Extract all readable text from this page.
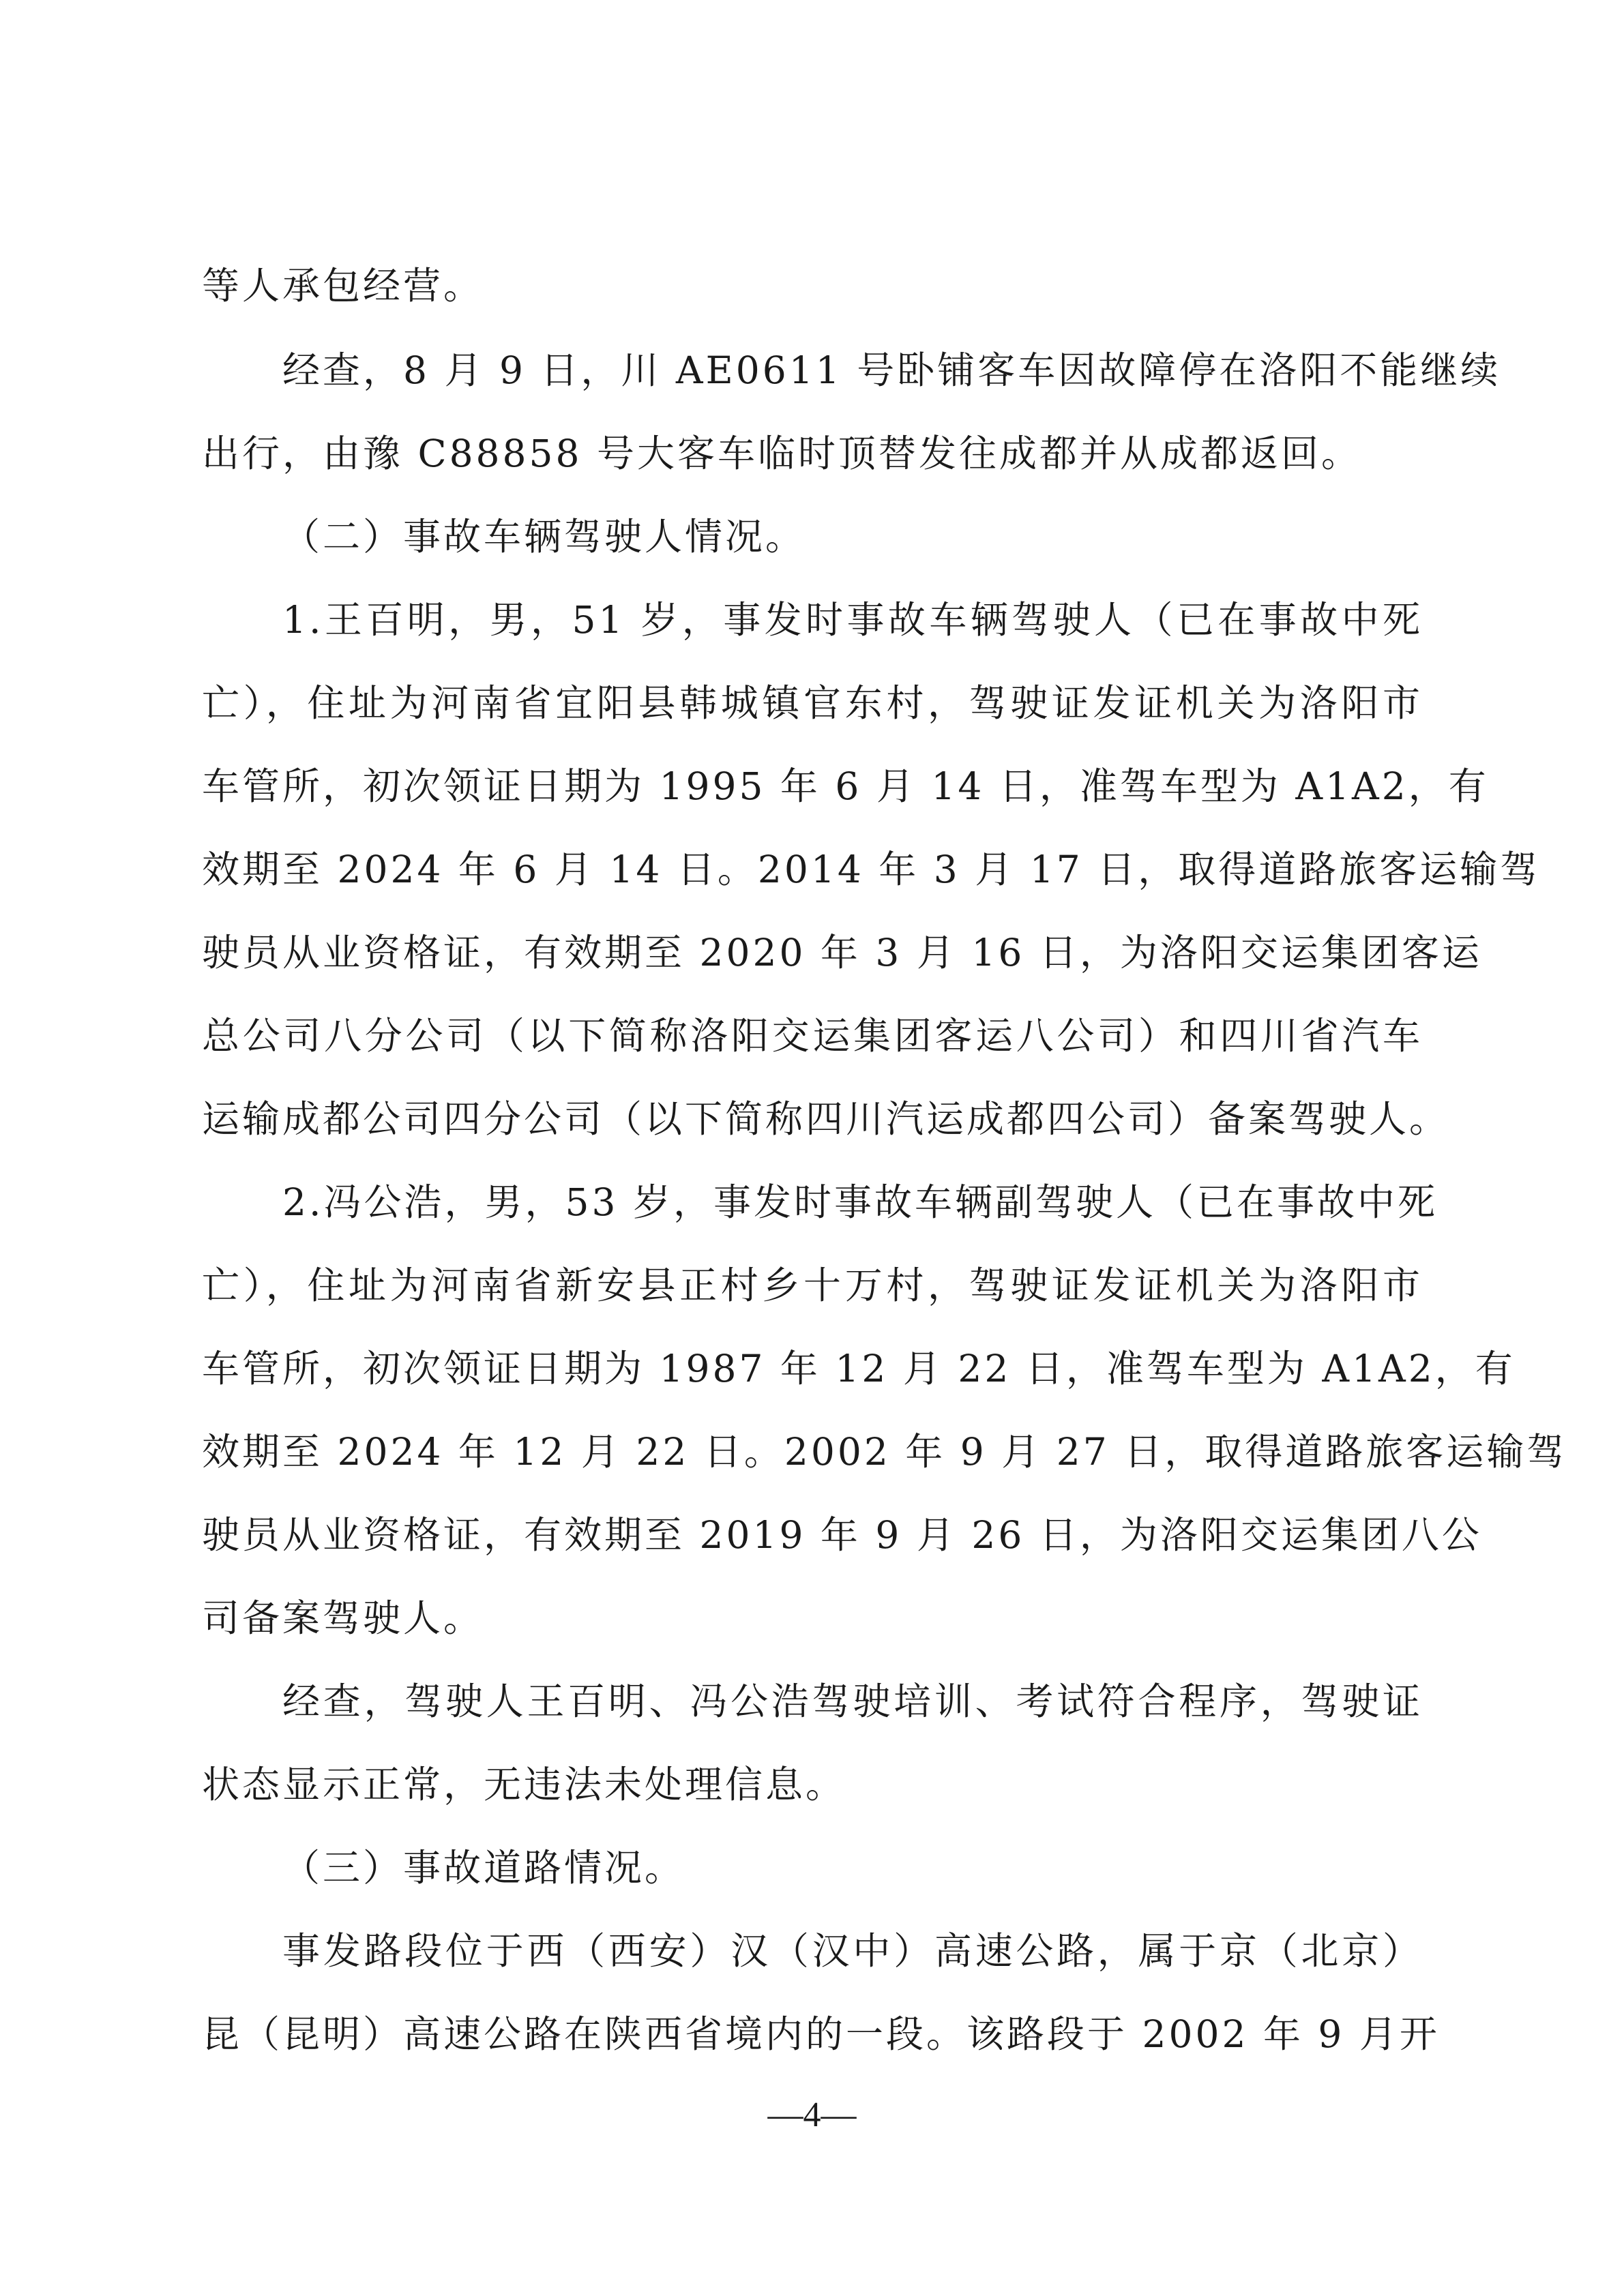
等人承包经营。
经查，8 月 9 日，川 AE0611 号卧铺客车因故障停在洛阳不能继续
出行，由豫 C88858 号大客车临时顶替发往成都并从成都返回。
（二）事故车辆驾驶人情况。
1.王百明，男，51 岁，事发时事故车辆驾驶人（已在事故中死
亡），住址为河南省宜阳县韩城镇官东村，驾驶证发证机关为洛阳市
车管所，初次领证日期为 1995 年 6 月 14 日，准驾车型为 A1A2，有
效期至 2024 年 6 月 14 日。2014 年 3 月 17 日，取得道路旅客运输驾
驶员从业资格证，有效期至 2020 年 3 月 16 日，为洛阳交运集团客运
总公司八分公司（以下简称洛阳交运集团客运八公司）和四川省汽车
运输成都公司四分公司（以下简称四川汽运成都四公司）备案驾驶人。
2.冯公浩，男，53 岁，事发时事故车辆副驾驶人（已在事故中死
亡），住址为河南省新安县正村乡十万村，驾驶证发证机关为洛阳市
车管所，初次领证日期为 1987 年 12 月 22 日，准驾车型为 A1A2，有
效期至 2024 年 12 月 22 日。2002 年 9 月 27 日，取得道路旅客运输驾
驶员从业资格证，有效期至 2019 年 9 月 26 日，为洛阳交运集团八公
司备案驾驶人。
经查，驾驶人王百明、冯公浩驾驶培训、考试符合程序，驾驶证
状态显示正常，无违法未处理信息。
（三）事故道路情况。
事发路段位于西（西安）汉（汉中）高速公路，属于京（北京）
昆（昆明）高速公路在陕西省境内的一段。该路段于 2002 年 9 月开
—4—
